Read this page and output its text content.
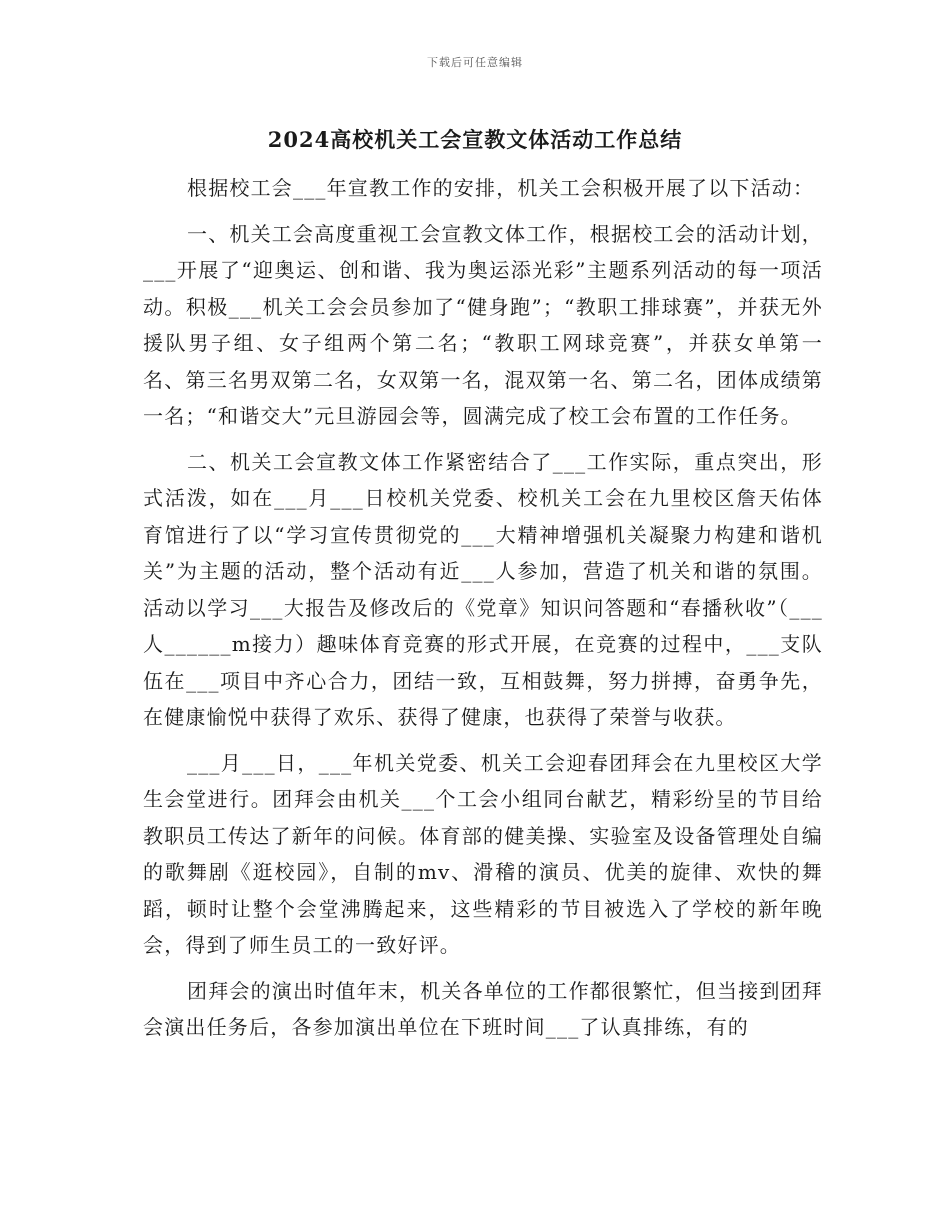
下载后可任意编辑
2024高校机关工会宣教文体活动工作总结

根据校工会___年宣教工作的安排，机关工会积极开展了以下活动：

一、机关工会高度重视工会宣教文体工作，根据校工会的活动计划，___开展了“迎奥运、创和谐、我为奥运添光彩”主题系列活动的每一项活动。积极___机关工会会员参加了“健身跑”；“教职工排球赛”，并获无外援队男子组、女子组两个第二名；“教职工网球竞赛”，并获女单第一名、第三名男双第二名，女双第一名，混双第一名、第二名，团体成绩第一名；“和谐交大”元旦游园会等，圆满完成了校工会布置的工作任务。

二、机关工会宣教文体工作紧密结合了___工作实际，重点突出，形式活泼，如在___月___日校机关党委、校机关工会在九里校区詹天佑体育馆进行了以“学习宣传贯彻党的___大精神增强机关凝聚力构建和谐机关”为主题的活动，整个活动有近___人参加，营造了机关和谐的氛围。活动以学习___大报告及修改后的《党章》知识问答题和“春播秋收”（___人______m接力）趣味体育竞赛的形式开展，在竞赛的过程中，___支队伍在___项目中齐心合力，团结一致，互相鼓舞，努力拼搏，奋勇争先，在健康愉悦中获得了欢乐、获得了健康，也获得了荣誉与收获。

___月___日，___年机关党委、机关工会迎春团拜会在九里校区大学生会堂进行。团拜会由机关___个工会小组同台献艺，精彩纷呈的节目给教职员工传达了新年的问候。体育部的健美操、实验室及设备管理处自编的歌舞剧《逛校园》，自制的mv、滑稽的演员、优美的旋律、欢快的舞蹈，顿时让整个会堂沸腾起来，这些精彩的节目被选入了学校的新年晚会，得到了师生员工的一致好评。

团拜会的演出时值年末，机关各单位的工作都很繁忙，但当接到团拜会演出任务后，各参加演出单位在下班时间___了认真排练，有的
